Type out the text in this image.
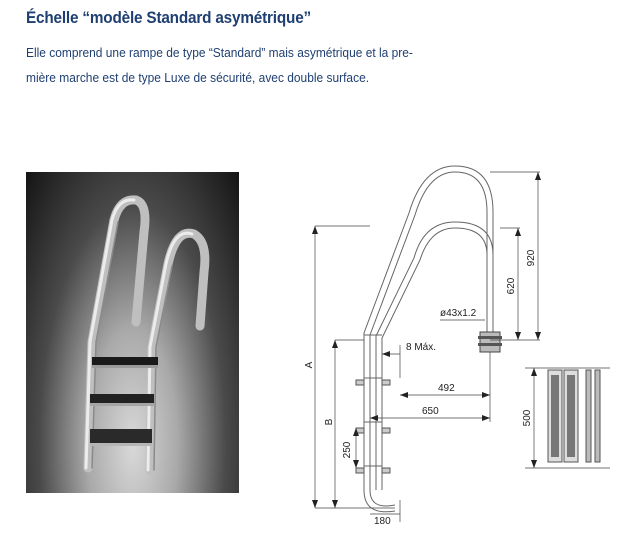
Échelle “modèle Standard asymétrique”

Elle comprend une rampe de type “Standard” mais asymétrique et la pre-
mière marche est de type Luxe de sécurité, avec double surface.

920
620
ø43x1.2
8 Máx.
492
650
A
B
250
180
500
